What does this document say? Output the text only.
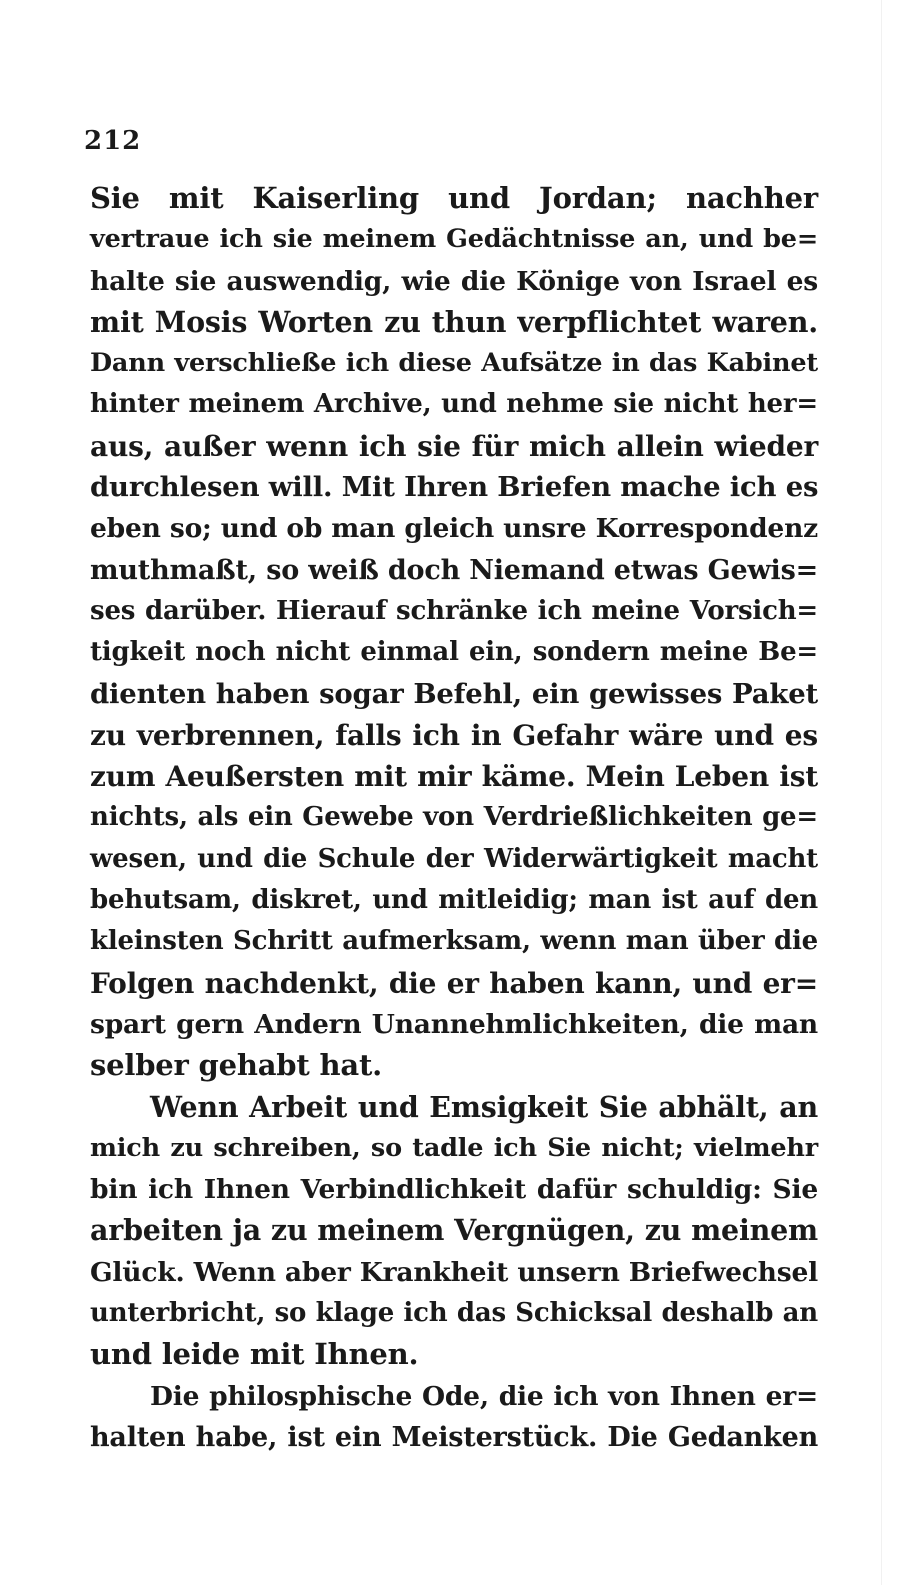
212
Sie mit Kaiserling und Jordan; nachher
vertraue ich sie meinem Gedächtnisse an, und be=
halte sie auswendig, wie die Könige von Israel es
mit Mosis Worten zu thun verpflichtet waren.
Dann verschließe ich diese Aufsätze in das Kabinet
hinter meinem Archive, und nehme sie nicht her=
aus, außer wenn ich sie für mich allein wieder
durchlesen will. Mit Ihren Briefen mache ich es
eben so; und ob man gleich unsre Korrespondenz
muthmaßt, so weiß doch Niemand etwas Gewis=
ses darüber. Hierauf schränke ich meine Vorsich=
tigkeit noch nicht einmal ein, sondern meine Be=
dienten haben sogar Befehl, ein gewisses Paket
zu verbrennen, falls ich in Gefahr wäre und es
zum Aeußersten mit mir käme. Mein Leben ist
nichts, als ein Gewebe von Verdrießlichkeiten ge=
wesen, und die Schule der Widerwärtigkeit macht
behutsam, diskret, und mitleidig; man ist auf den
kleinsten Schritt aufmerksam, wenn man über die
Folgen nachdenkt, die er haben kann, und er=
spart gern Andern Unannehmlichkeiten, die man
selber gehabt hat.
Wenn Arbeit und Emsigkeit Sie abhält, an
mich zu schreiben, so tadle ich Sie nicht; vielmehr
bin ich Ihnen Verbindlichkeit dafür schuldig: Sie
arbeiten ja zu meinem Vergnügen, zu meinem
Glück. Wenn aber Krankheit unsern Briefwechsel
unterbricht, so klage ich das Schicksal deshalb an
und leide mit Ihnen.
Die philosphische Ode, die ich von Ihnen er=
halten habe, ist ein Meisterstück. Die Gedanken
